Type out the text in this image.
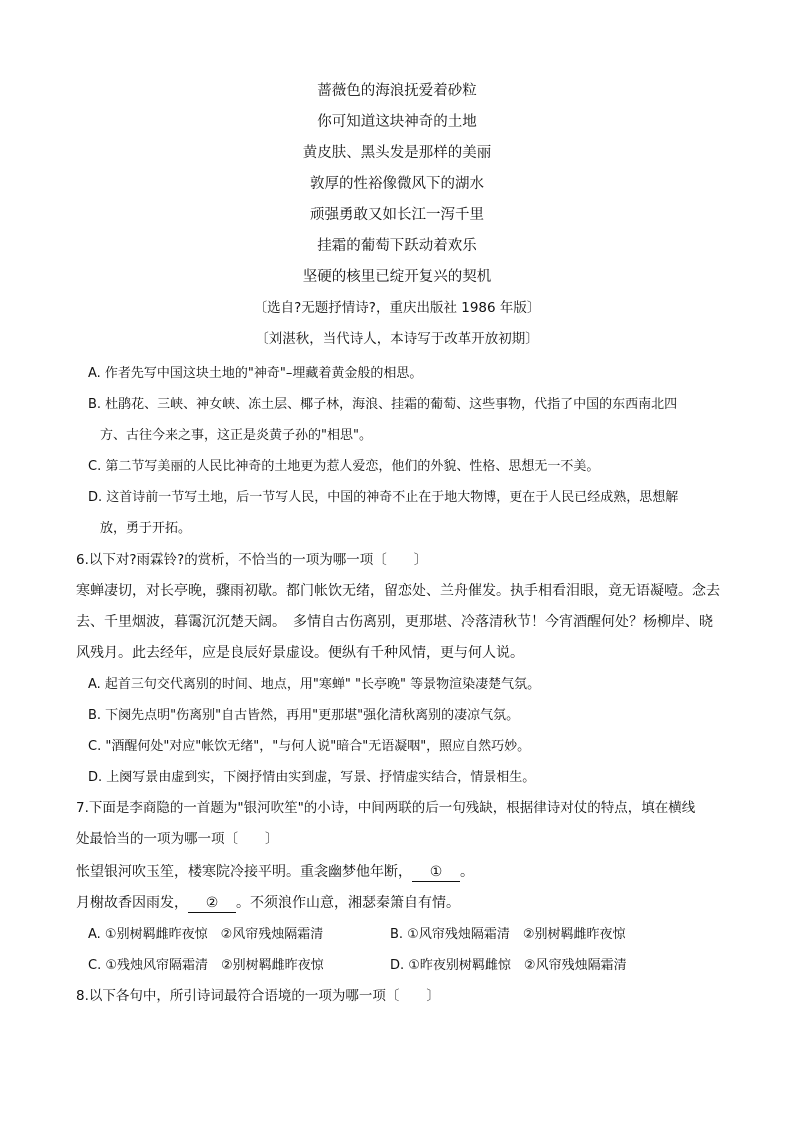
蔷薇色的海浪抚爱着砂粒
你可知道这块神奇的土地
黄皮肤、黑头发是那样的美丽
敦厚的性裕像微风下的湖水
顽强勇敢又如长江一泻千里
挂霜的葡萄下跃动着欢乐
坚硬的核里已绽开复兴的契机
〔选自?无题抒情诗?，重庆出版社 1986 年版〕
〔刘湛秋，当代诗人，本诗写于改革开放初期〕
A. 作者先写中国这块土地的"神奇"–埋藏着黄金般的相思。
B. 杜鹃花、三峡、神女峡、冻土层、椰子林，海浪、挂霜的葡萄、这些事物，代指了中国的东西南北四
方、古往今来之事，这正是炎黄子孙的"相思"。
C. 第二节写美丽的人民比神奇的土地更为惹人爱恋，他们的外貌、性格、思想无一不美。
D. 这首诗前一节写土地，后一节写人民，中国的神奇不止在于地大物博，更在于人民已经成熟，思想解
放，勇于开拓。
6.以下对?雨霖铃?的赏析，不恰当的一项为哪一项〔　　〕
寒蝉凄切，对长亭晚，骤雨初歇。都门帐饮无绪，留恋处、兰舟催发。执手相看泪眼，竟无语凝噎。念去
去、千里烟波，暮霭沉沉楚天阔。　多情自古伤离别，更那堪、冷落清秋节！今宵酒醒何处？杨柳岸、晓
风残月。此去经年，应是良辰好景虚设。便纵有千种风情，更与何人说。
A. 起首三句交代离别的时间、地点，用"寒蝉" "长亭晚" 等景物渲染凄楚气氛。
B. 下阕先点明"伤离别"自古皆然，再用"更那堪"强化清秋离别的凄凉气氛。
C. "酒醒何处"对应"帐饮无绪"，"与何人说"暗合"无语凝咽"，照应自然巧妙。
D. 上阕写景由虚到实，下阕抒情由实到虚，写景、抒情虚实结合，情景相生。
7.下面是李商隐的一首题为"银河吹笙"的小诗，中间两联的后一句残缺，根据律诗对仗的特点，填在横线
处最恰当的一项为哪一项〔　　〕
怅望银河吹玉笙，楼寒院冷接平明。重衾幽梦他年断， ① 。
月榭故香因雨发， ② 。不须浪作山意，湘瑟秦箫自有情。
A. ①别树羁雌昨夜惊　②风帘残烛隔霜清	B. ①风帘残烛隔霜清　②别树羁雌昨夜惊
C. ①残烛风帘隔霜清　②别树羁雌昨夜惊	D. ①昨夜别树羁雌惊　②风帘残烛隔霜清
8.以下各句中，所引诗词最符合语境的一项为哪一项〔　　〕
